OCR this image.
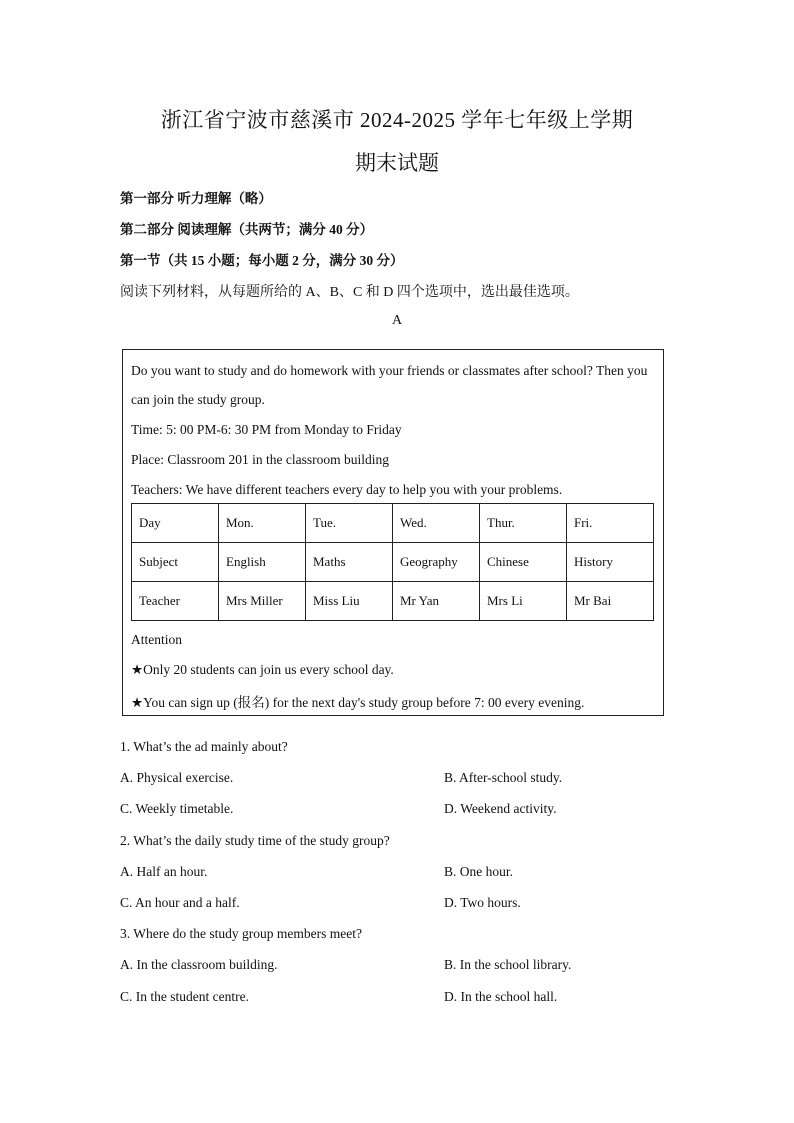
浙江省宁波市慈溪市 2024-2025 学年七年级上学期
期末试题
第一部分 听力理解（略）
第二部分 阅读理解（共两节；满分 40 分）
第一节（共 15 小题；每小题 2 分，满分 30 分）
阅读下列材料，从每题所给的 A、B、C 和 D 四个选项中，选出最佳选项。
A
Do you want to study and do homework with your friends or classmates after school? Then you
can join the study group.
Time: 5: 00 PM-6: 30 PM from Monday to Friday
Place: Classroom 201 in the classroom building
Teachers: We have different teachers every day to help you with your problems.
Day	Mon.	Tue.	Wed.	Thur.	Fri.
Subject	English	Maths	Geography	Chinese	History
Teacher	Mrs Miller	Miss Liu	Mr Yan	Mrs Li	Mr Bai
Attention
★Only 20 students can join us every school day.
★You can sign up (报名) for the next day's study group before 7: 00 every evening.
1. What’s the ad mainly about?
A. Physical exercise.	B. After-school study.
C. Weekly timetable.	D. Weekend activity.
2. What’s the daily study time of the study group?
A. Half an hour.	B. One hour.
C. An hour and a half.	D. Two hours.
3. Where do the study group members meet?
A. In the classroom building.	B. In the school library.
C. In the student centre.	D. In the school hall.
